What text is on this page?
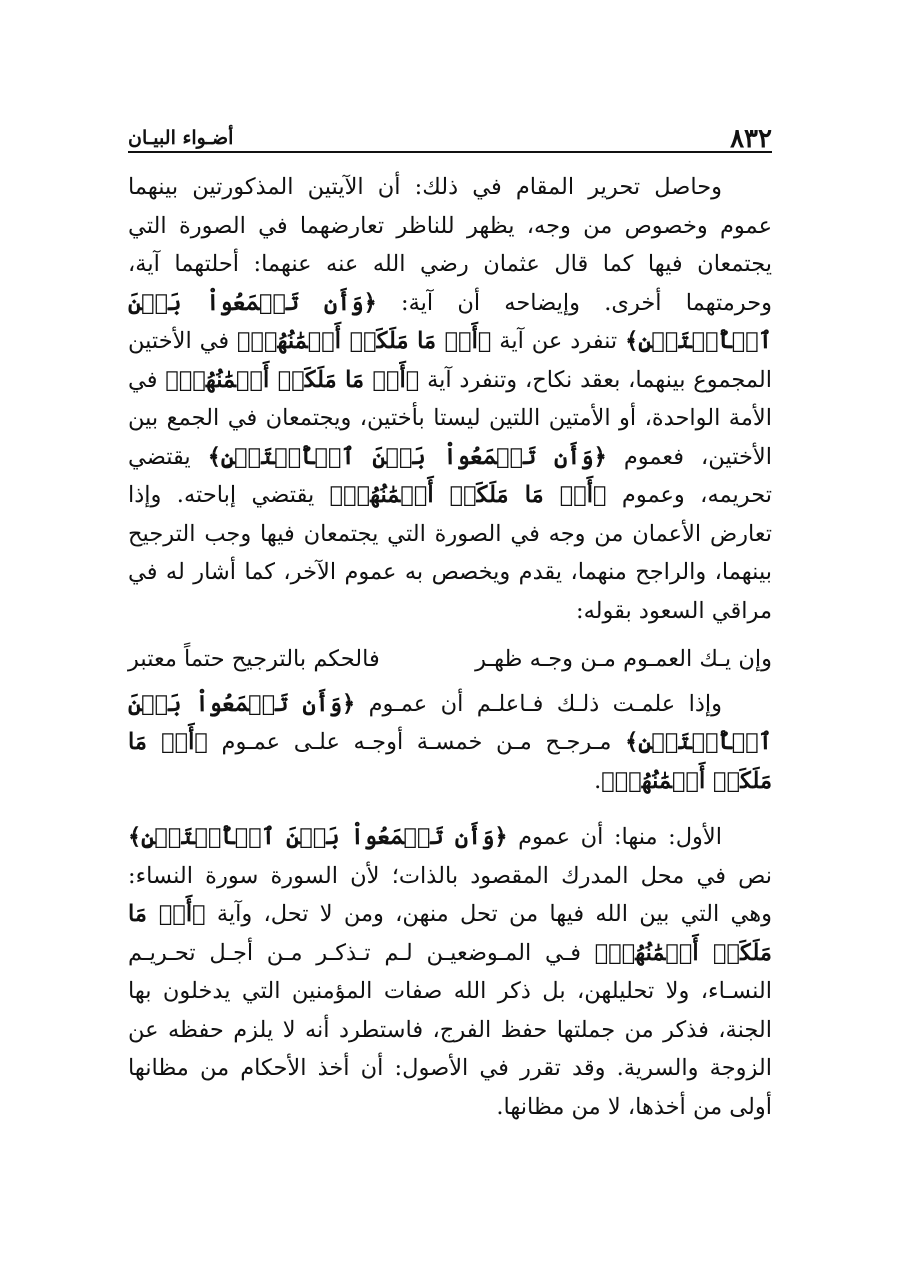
٨٣٢
أضـواء البيـان

وحاصل تحرير المقام في ذلك: أن الآيتين المذكورتين بينهما عموم وخصوص من وجه، يظهر للناظر تعارضهما في الصورة التي يجتمعان فيها كما قال عثمان رضي الله عنه عنهما: أحلتهما آية، وحرمتهما أخرى. وإيضاحه أن آية: ﴿وَأَن تَجۡمَعُواْ بَيۡنَ ٱلۡأُخۡتَيۡنِ﴾ تنفرد عن آية ﴿أَوۡ مَا مَلَكَتۡ أَيۡمَٰنُهُمۡ﴾ في الأختين المجموع بينهما، بعقد نكاح، وتنفرد آية ﴿أَوۡ مَا مَلَكَتۡ أَيۡمَٰنُهُمۡ﴾ في الأمة الواحدة، أو الأمتين اللتين ليستا بأختين، ويجتمعان في الجمع بين الأختين، فعموم ﴿وَأَن تَجۡمَعُواْ بَيۡنَ ٱلۡأُخۡتَيۡنِ﴾ يقتضي تحريمه، وعموم ﴿أَوۡ مَا مَلَكَتۡ أَيۡمَٰنُهُمۡ﴾ يقتضي إباحته. وإذا تعارض الأعمان من وجه في الصورة التي يجتمعان فيها وجب الترجيح بينهما، والراجح منهما، يقدم ويخصص به عموم الآخر، كما أشار له في مراقي السعود بقوله:

وإن يـك العمـوم مـن وجـه ظهـر
فالحكم بالترجيح حتماً معتبر

وإذا علمـت ذلـك فـاعلـم أن عمـوم ﴿وَأَن تَجۡمَعُواْ بَيۡنَ ٱلۡأُخۡتَيۡنِ﴾ مـرجـح مـن خمسـة أوجـه علـى عمـوم ﴿أَوۡ مَا مَلَكَتۡ أَيۡمَٰنُهُمۡ﴾.

الأول: منها: أن عموم ﴿وَأَن تَجۡمَعُواْ بَيۡنَ ٱلۡأُخۡتَيۡنِ﴾ نص في محل المدرك المقصود بالذات؛ لأن السورة سورة النساء: وهي التي بين الله فيها من تحل منهن، ومن لا تحل، وآية ﴿أَوۡ مَا مَلَكَتۡ أَيۡمَٰنُهُمۡ﴾ فـي المـوضعيـن لـم تـذكـر مـن أجـل تحـريـم النسـاء، ولا تحليلهن، بل ذكر الله صفات المؤمنين التي يدخلون بها الجنة، فذكر من جملتها حفظ الفرج، فاستطرد أنه لا يلزم حفظه عن الزوجة والسرية. وقد تقرر في الأصول: أن أخذ الأحكام من مظانها أولى من أخذها، لا من مظانها.
